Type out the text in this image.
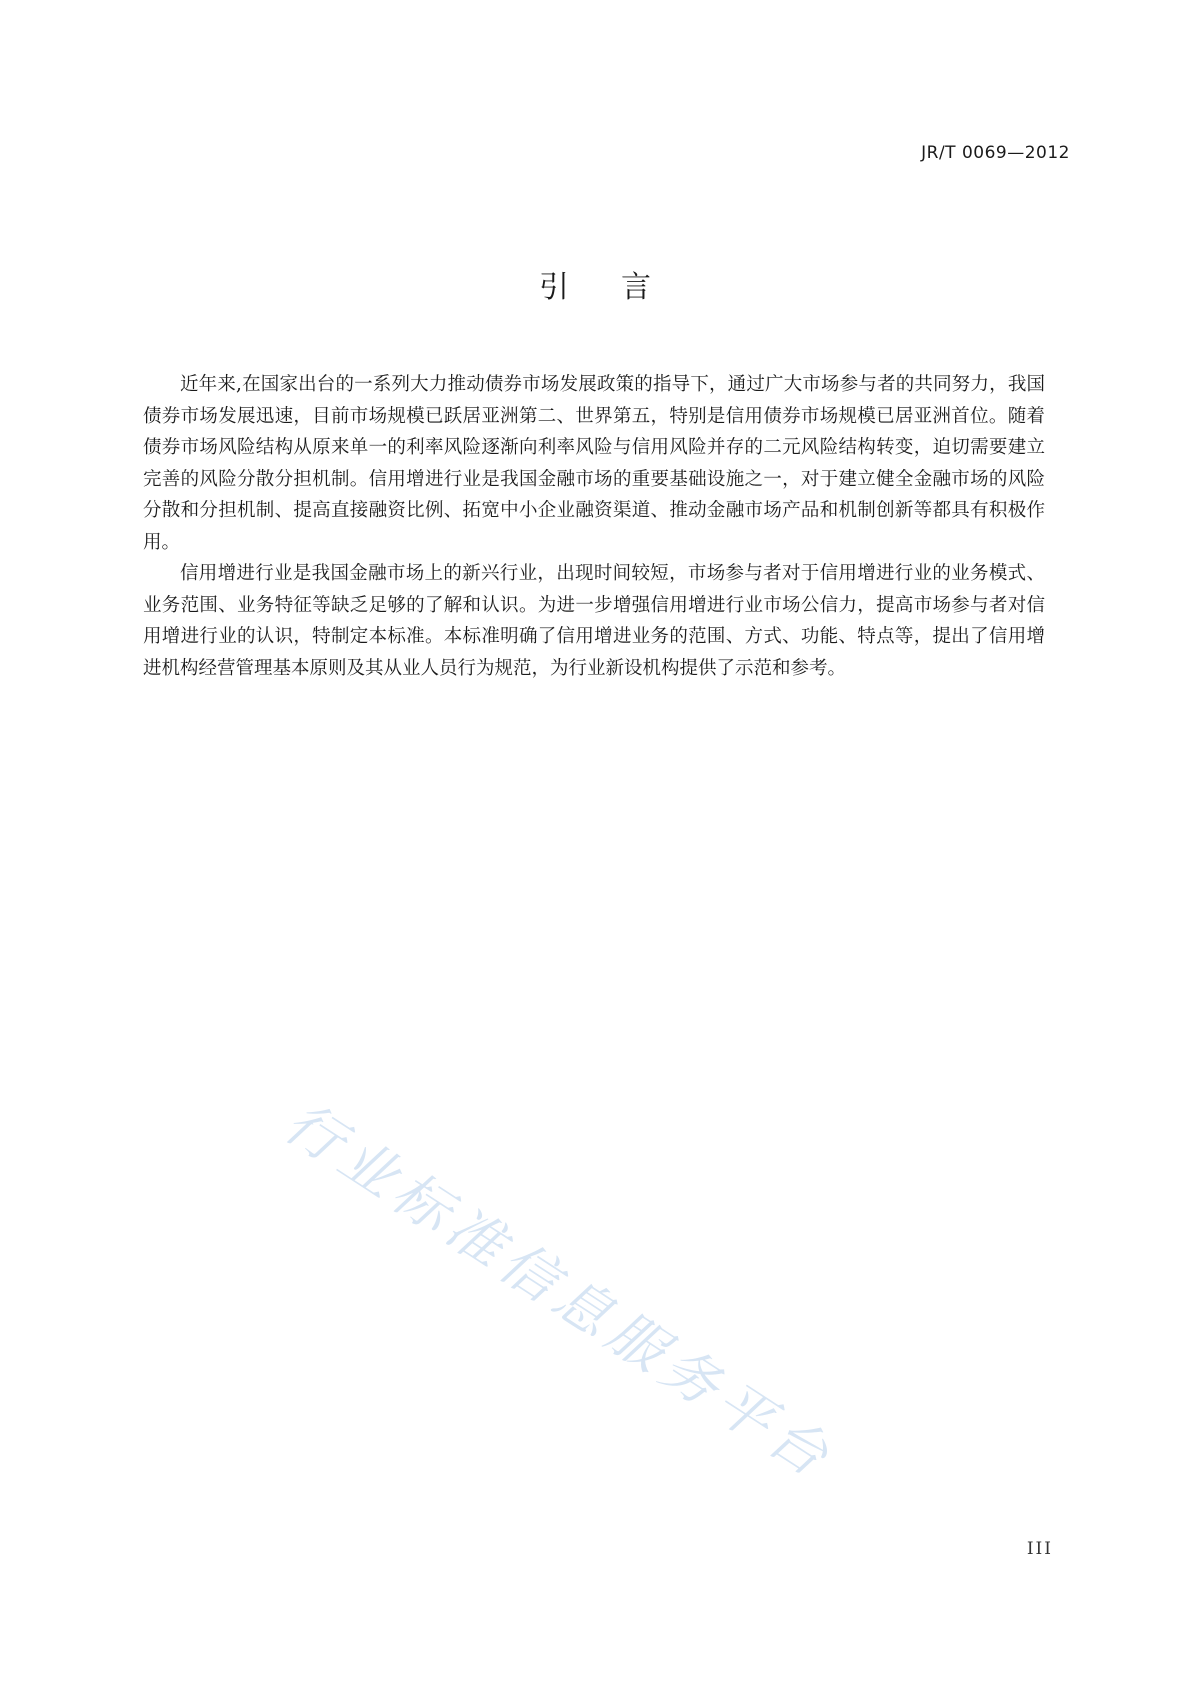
JR/T 0069—2012
引言

近年来,在国家出台的一系列大力推动债券市场发展政策的指导下，通过广大市场参与者的共同努力，我国债券市场发展迅速，目前市场规模已跃居亚洲第二、世界第五，特别是信用债券市场规模已居亚洲首位。随着债券市场风险结构从原来单一的利率风险逐渐向利率风险与信用风险并存的二元风险结构转变，迫切需要建立完善的风险分散分担机制。信用增进行业是我国金融市场的重要基础设施之一，对于建立健全金融市场的风险分散和分担机制、提高直接融资比例、拓宽中小企业融资渠道、推动金融市场产品和机制创新等都具有积极作用。

信用增进行业是我国金融市场上的新兴行业，出现时间较短，市场参与者对于信用增进行业的业务模式、业务范围、业务特征等缺乏足够的了解和认识。为进一步增强信用增进行业市场公信力，提高市场参与者对信用增进行业的认识，特制定本标准。本标准明确了信用增进业务的范围、方式、功能、特点等，提出了信用增进机构经营管理基本原则及其从业人员行为规范，为行业新设机构提供了示范和参考。

行业标准信息服务平台
III
